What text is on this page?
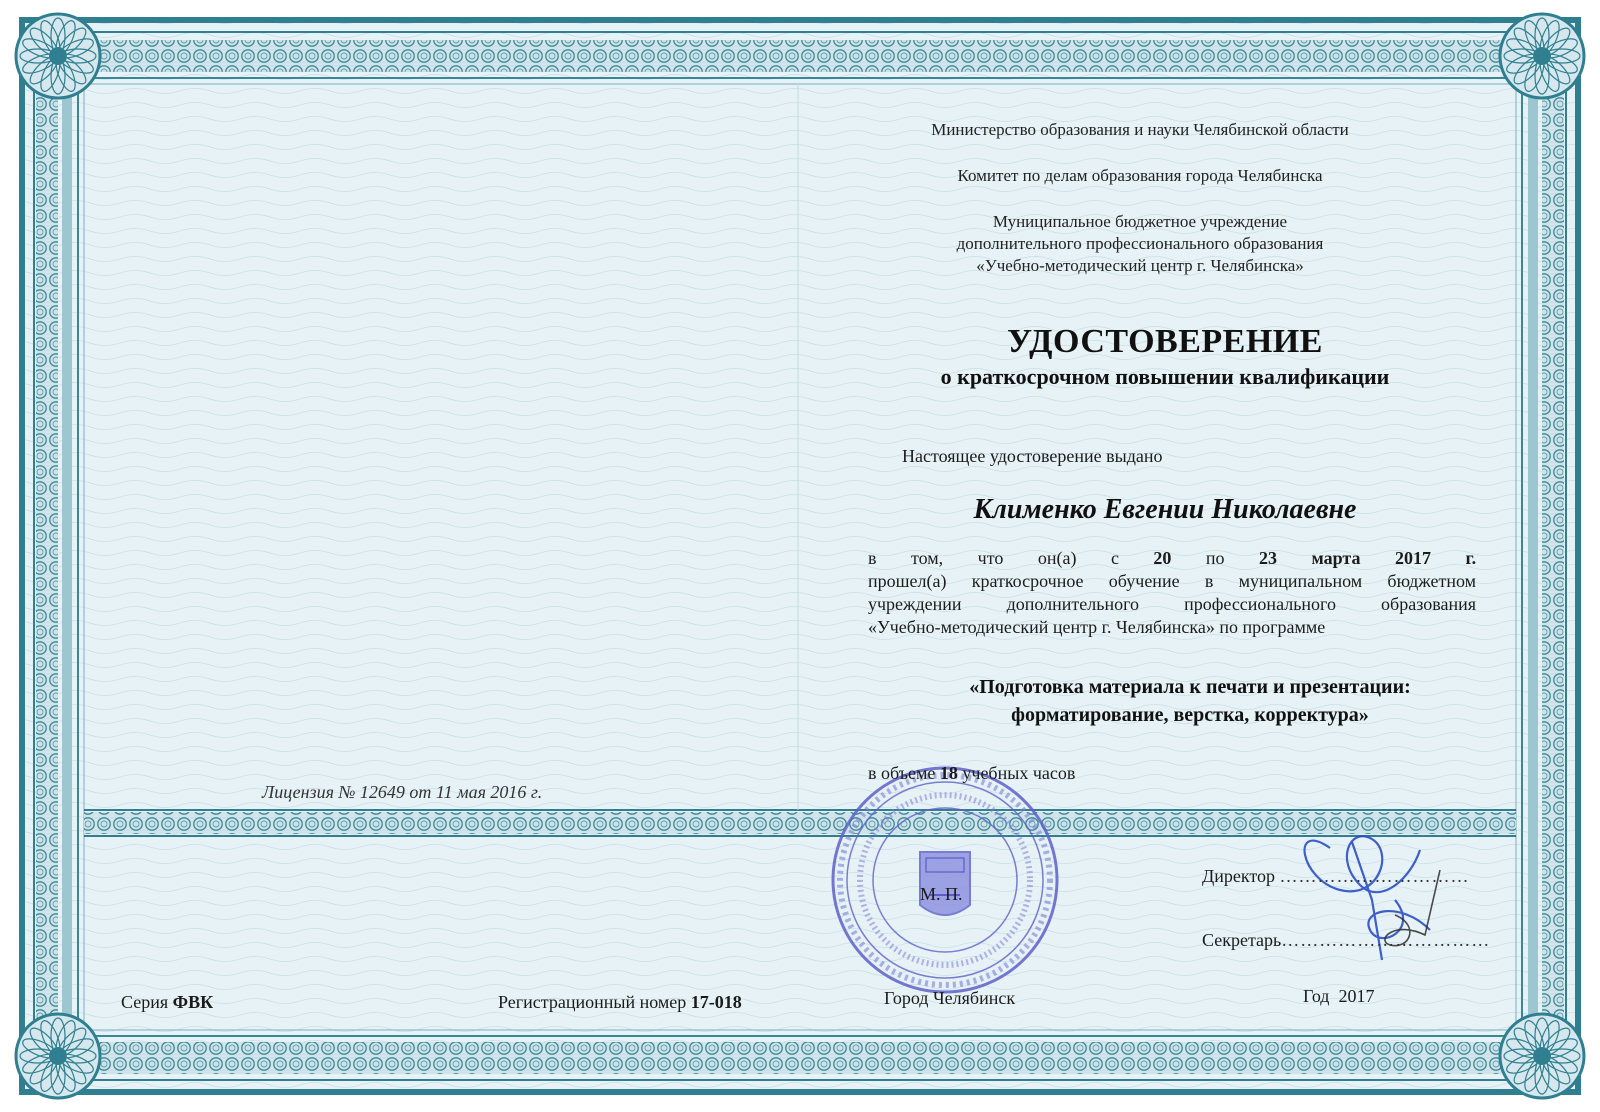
Министерство образования и науки Челябинской области
Комитет по делам образования города Челябинска
Муниципальное бюджетное учреждение
дополнительного профессионального образования
«Учебно-методический центр г. Челябинска»
УДОСТОВЕРЕНИЕ
о краткосрочном повышении квалификации
Настоящее удостоверение выдано
Клименко Евгении Николаевне
в том, что он(а) с 20 по 23 марта 2017 г.
прошел(а) краткосрочное обучение в муниципальном бюджетном
учреждении дополнительного профессионального образования
«Учебно-методический центр г. Челябинска» по программе
«Подготовка материала к печати и презентации:
форматирование, верстка, корректура»
в объеме 18 учебных часов
Лицензия № 12649 от 11 мая 2016 г.
М. П.
Директор …………………………
Секретарь……………………………
Серия ФВК	Регистрационный номер 17-018	Город Челябинск	Год 2017
